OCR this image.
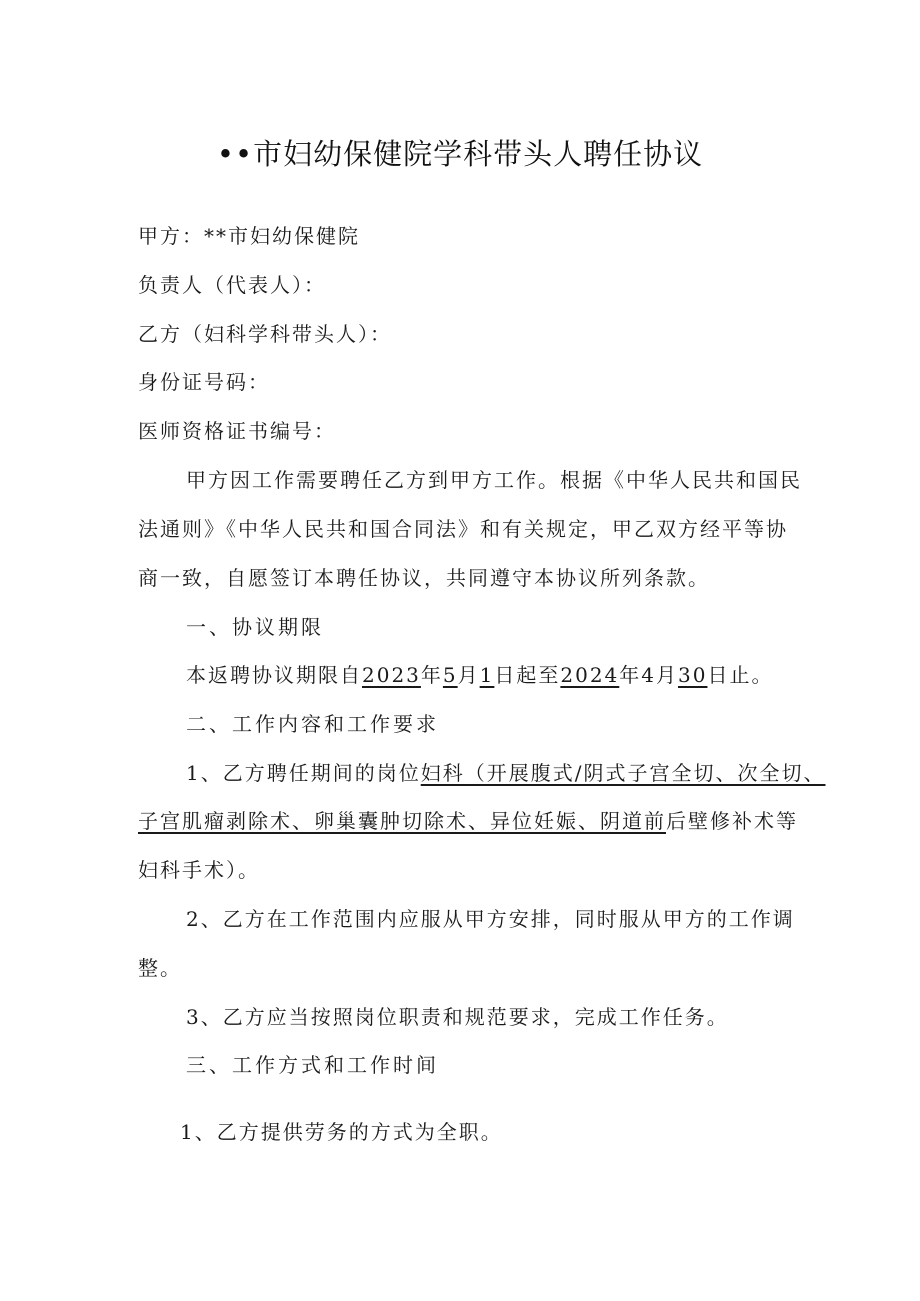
••市妇幼保健院学科带头人聘任协议
甲方：**市妇幼保健院
负责人（代表人）：
乙方（妇科学科带头人）：
身份证号码：
医师资格证书编号：
甲方因工作需要聘任乙方到甲方工作。根据《中华人民共和国民
法通则》《中华人民共和国合同法》和有关规定，甲乙双方经平等协
商一致，自愿签订本聘任协议，共同遵守本协议所列条款。
一、协议期限
本返聘协议期限自2023年5月1日起至2024年4月30日止。
二、工作内容和工作要求
1、乙方聘任期间的岗位妇科（开展腹式/阴式子宫全切、次全切、
子宫肌瘤剥除术、卵巢囊肿切除术、异位妊娠、阴道前后壁修补术等
妇科手术）。
2、乙方在工作范围内应服从甲方安排，同时服从甲方的工作调
整。
3、乙方应当按照岗位职责和规范要求，完成工作任务。
三、工作方式和工作时间
1、乙方提供劳务的方式为全职。
